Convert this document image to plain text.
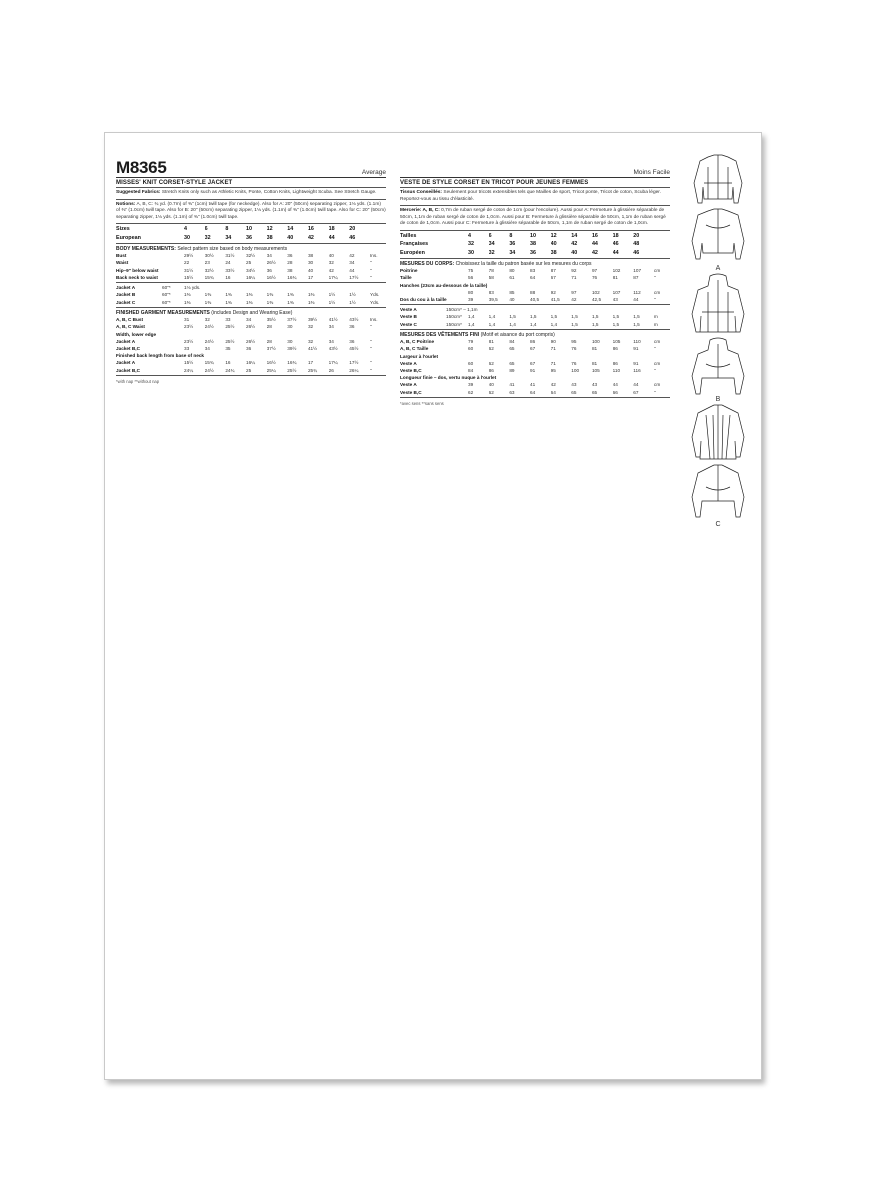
M8365	Average
MISSES' KNIT CORSET-STYLE JACKET
Suggested Fabrics: Stretch Knits only such as Athletic Knits, Ponte, Cotton Knits, Lightweight Scuba. See Stretch Gauge.
Notions: A, B, C: ¾ yd. (0.7m) of ⅜" (1cm) twill tape (for neckedge). Also for A: 20" (50cm) separating zipper, 1⅛ yds. (1.1m) of ⅜" (1.0cm) twill tape. Also for B: 20" (50cm) separating zipper, 1⅛ yds. (1.1m) of ⅜" (1.0cm) twill tape. Also for C: 20" (50cm) separating zipper, 1⅛ yds. (1.1m) of ⅜" (1.0cm) twill tape.
Sizes	4	6	8	10	12	14	16	18	20	
European	30	32	34	36	38	40	42	44	46	
BODY MEASUREMENTS: Select pattern size based on body measurements
Bust	29½	30½	31½	32½	34	36	38	40	42	Ins.
Waist	22	23	24	25	26½	28	30	32	34	"
Hip–9" below waist	31½	32½	33½	34½	36	38	40	42	44	"
Back neck to waist	15½	15¾	16	16¼	16½	16¾	17	17¼	17½	"
Jacket A	60"*	1⅛ yds.									
Jacket B	60"*	1⅜	1⅜	1⅜	1⅜	1⅜	1⅜	1⅜	1½	1½	Yds.
Jacket C	60"*	1⅜	1⅜	1⅜	1⅜	1⅜	1⅜	1⅜	1½	1½	Yds.
FINISHED GARMENT MEASUREMENTS (includes Design and Wearing Ease)
A, B, C Bust	31	32	33	34	35½	37½	39½	41½	43½	Ins.
A, B, C Waist	23½	24½	25½	26½	28	30	32	34	36	"
Width, lower edge
Jacket A	23½	24½	25½	26½	28	30	32	34	36	"
Jacket B,C	33	34	35	36	37½	39½	41½	43½	45½	"
Finished back length from base of neck
Jacket A	15½	15¾	16	16¼	16½	16¾	17	17¼	17½	"
Jacket B,C	24¼	24½	24¾	25	25¼	25½	25¾	26	26¼	"
*with nap **without nap
Moins Facile
VESTE DE STYLE CORSET EN TRICOT POUR JEUNES FEMMES
Tissus Conseillés: Seulement pour tricots extensibles tels que Mailles de sport, Tricot ponte, Tricot de coton, Scuba léger. Reportez-vous au tissu d'élasticité.
Mercerie: A, B, C: 0,7m de ruban sergé de coton de 1cm (pour l'encolure). Aussi pour A: Fermeture à glissière séparable de 50cm, 1,1m de ruban sergé de coton de 1,0cm. Aussi pour B: Fermeture à glissière séparable de 50cm, 1,1m de ruban sergé de coton de 1,0cm. Aussi pour C: Fermeture à glissière séparable de 50cm, 1,1m de ruban sergé de coton de 1,0cm.
Tailles	4	6	8	10	12	14	16	18	20	
Françaises	32	34	36	38	40	42	44	46	48	
Européen	30	32	34	36	38	40	42	44	46	
MESURES DU CORPS: Choisissez la taille du patron basée sur les mesures du corps
Poitrine	75	78	80	83	87	92	97	102	107	cm
Taille	56	58	61	64	67	71	76	81	87	"
Hanches (23cm au-dessous de la taille)
	80	83	85	88	92	97	102	107	112	cm
Dos du cou à la taille	39	39,5	40	40,5	41,5	42	42,5	43	44	"
Veste A	150cm* – 1,1m										
Veste B	150cm*	1,4	1,4	1,5	1,5	1,5	1,5	1,5	1,5	1,5	m
Veste C	150cm*	1,4	1,4	1,4	1,4	1,4	1,5	1,5	1,5	1,5	m
MESURES DES VÊTEMENTS FINI (Motif et aisance du port compris)
A, B, C Poitrine	79	81	84	86	90	95	100	105	110	cm
A, B, C Taille	60	62	65	67	71	76	81	86	91	"
Largeur à l'ourlet
Veste A	60	62	65	67	71	76	81	86	91	cm
Veste B,C	84	86	89	91	95	100	105	110	116	"
Longueur finie – dos, vertu nuque à l'ourlet
Veste A	39	40	41	41	42	43	43	44	44	cm
Veste B,C	62	62	63	64	64	65	65	66	67	"
*avec sens **sans sens
A
B
C
